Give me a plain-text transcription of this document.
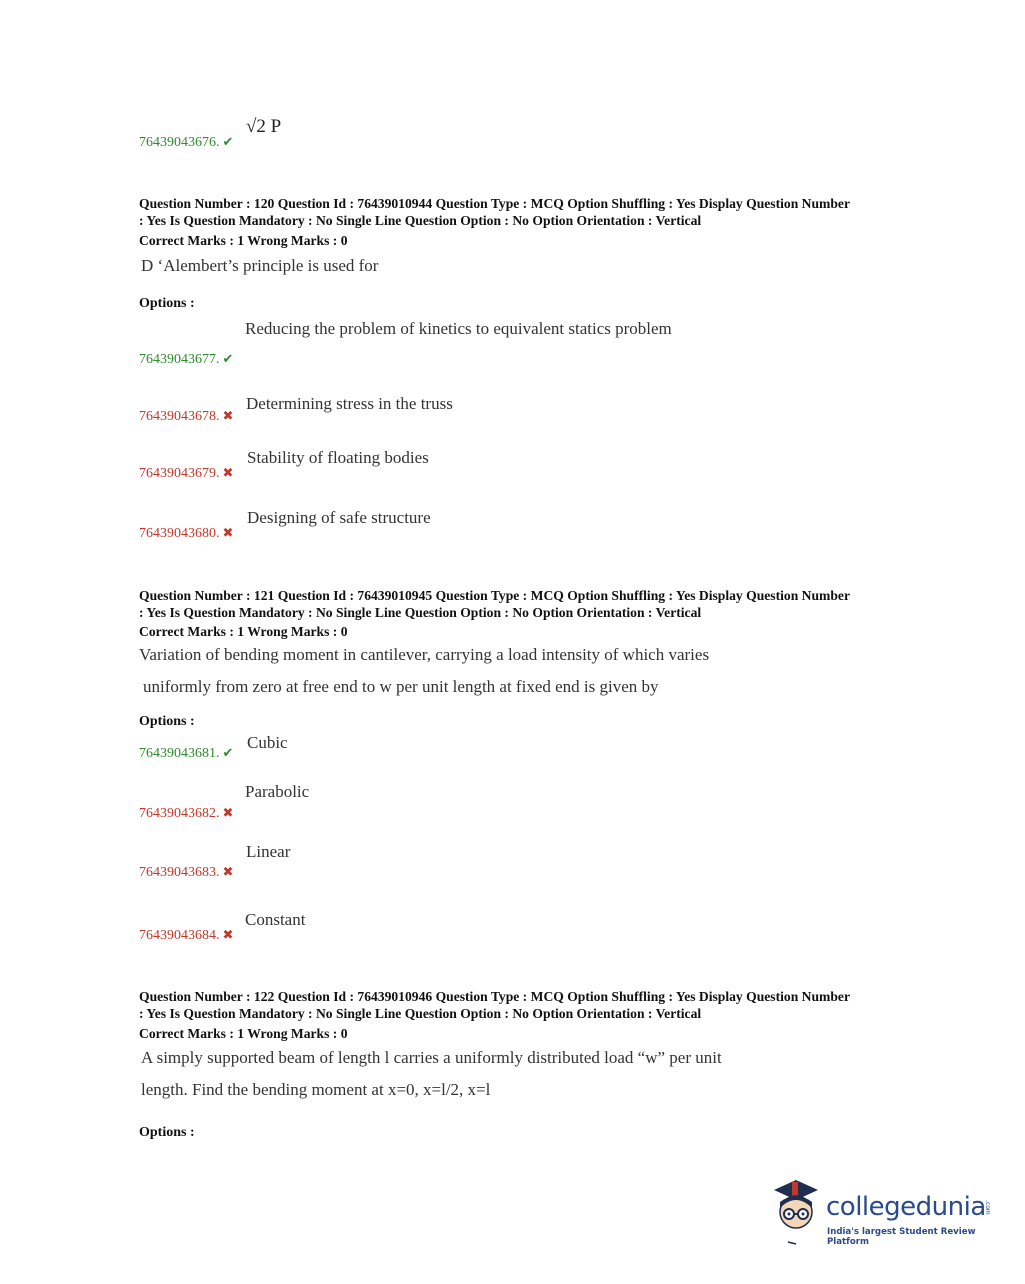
76439043676. ✔
√2 P
Question Number : 120 Question Id : 76439010944 Question Type : MCQ Option Shuffling : Yes Display Question Number
: Yes Is Question Mandatory : No Single Line Question Option : No Option Orientation : Vertical
Correct Marks : 1 Wrong Marks : 0
D ‘Alembert’s principle is used for
Options :
Reducing the problem of kinetics to equivalent statics problem
76439043677. ✔
Determining stress in the truss
76439043678. ✖
Stability of floating bodies
76439043679. ✖
Designing of safe structure
76439043680. ✖
Question Number : 121 Question Id : 76439010945 Question Type : MCQ Option Shuffling : Yes Display Question Number
: Yes Is Question Mandatory : No Single Line Question Option : No Option Orientation : Vertical
Correct Marks : 1 Wrong Marks : 0
Variation of bending moment in cantilever, carrying a load intensity of which varies
uniformly from zero at free end to w per unit length at fixed end is given by
Options :
Cubic
76439043681. ✔
Parabolic
76439043682. ✖
Linear
76439043683. ✖
Constant
76439043684. ✖
Question Number : 122 Question Id : 76439010946 Question Type : MCQ Option Shuffling : Yes Display Question Number
: Yes Is Question Mandatory : No Single Line Question Option : No Option Orientation : Vertical
Correct Marks : 1 Wrong Marks : 0
A simply supported beam of length l carries a uniformly distributed load “w” per unit
length. Find the bending moment at x=0, x=l/2, x=l
Options :
collegedunia
.com
India's largest Student Review Platform
